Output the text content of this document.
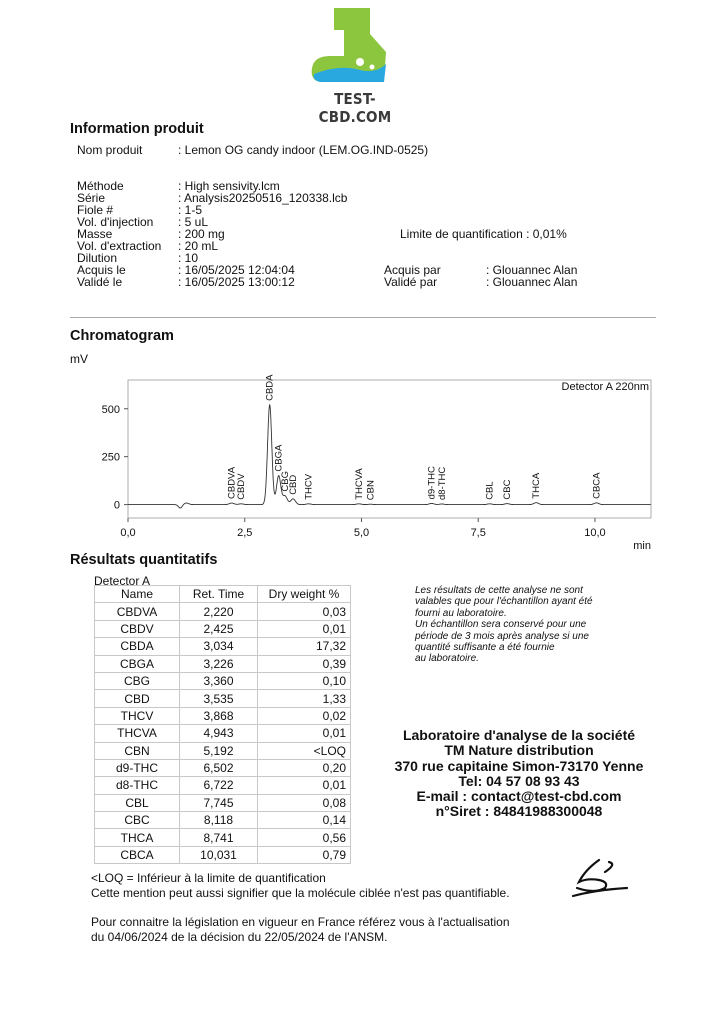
TEST-CBD.COM
Information produit
Nom produit	: Lemon OG candy indoor (LEM.OG.IND-0525)
Méthode	: High sensivity.lcm
Série	: Analysis20250516_120338.lcb
Fiole #	: 1-5
Vol. d'injection : 5 uL
Masse	: 200 mg
Vol. d'extraction : 20 mL
Dilution	: 10
Acquis le	: 16/05/2025 12:04:04
Validé le	: 16/05/2025 13:00:12
Limite de quantification : 0,01%
Acquis par	: Glouannec Alan
Validé par	: Glouannec Alan
Chromatogram
mV
0
250
500
0,0	2,5	5,0	7,5	10,0
min
Detector A 220nm
CBDVA
CBDV
CBDA
CBGA
CBG
CBD THCV	THCVA CBN	d9-THC d8-THC	CBL CBC THCA	CBCA
Résultats quantitatifs
Detector A
Name	Ret. Time	Dry weight %
CBDVA	2,220	0,03
CBDV	2,425	0,01
CBDA	3,034	17,32
CBGA	3,226	0,39
CBG	3,360	0,10
CBD	3,535	1,33
THCV	3,868	0,02
THCVA	4,943	0,01
CBN	5,192	<LOQ
d9-THC	6,502	0,20
d8-THC	6,722	0,01
CBL	7,745	0,08
CBC	8,118	0,14
THCA	8,741	0,56
CBCA	10,031	0,79

Les résultats de cette analyse ne sont

valables que pour l'échantillon ayant été

fourni au laboratoire.

Un échantillon sera conservé pour une

période de 3 mois après analyse si une

quantité suffisante a été fournie

au laboratoire.

Laboratoire d'analyse de la société
TM Nature distribution
370 rue capitaine Simon-73170 Yenne
Tel: 04 57 08 93 43
E-mail : contact@test-cbd.com
n°Siret : 84841988300048
<LOQ = Inférieur à la limite de quantification
Cette mention peut aussi signifier que la molécule ciblée n'est pas quantifiable.
Pour connaitre la législation en vigueur en France référez vous à l'actualisation
du 04/06/2024 de la décision du 22/05/2024 de l'ANSM.
